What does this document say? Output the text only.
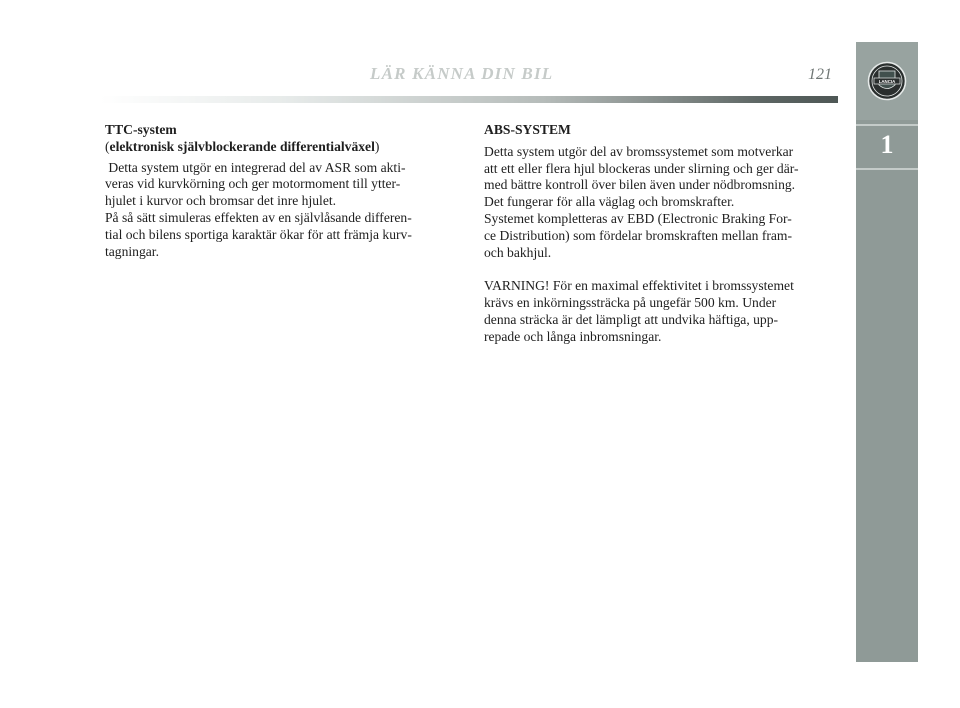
LÄR KÄNNA DIN BIL	121	LANCIA
1

TTC-system

(elektronisk självblockerande differentialväxel)

Detta system utgör en integrerad del av ASR som akti-

veras vid kurvkörning och ger motormoment till ytter-

hjulet i kurvor och bromsar det inre hjulet.

På så sätt simuleras effekten av en självlåsande differen-

tial och bilens sportiga karaktär ökar för att främja kurv-

tagningar.

ABS-SYSTEM

Detta system utgör del av bromssystemet som motverkar

att ett eller flera hjul blockeras under slirning och ger där-

med bättre kontroll över bilen även under nödbromsning.

Det fungerar för alla väglag och bromskrafter.

Systemet kompletteras av EBD (Electronic Braking For-

ce Distribution) som fördelar bromskraften mellan fram-

och bakhjul.

VARNING! För en maximal effektivitet i bromssystemet

krävs en inkörningssträcka på ungefär 500 km. Under

denna sträcka är det lämpligt att undvika häftiga, upp-

repade och långa inbromsningar.
